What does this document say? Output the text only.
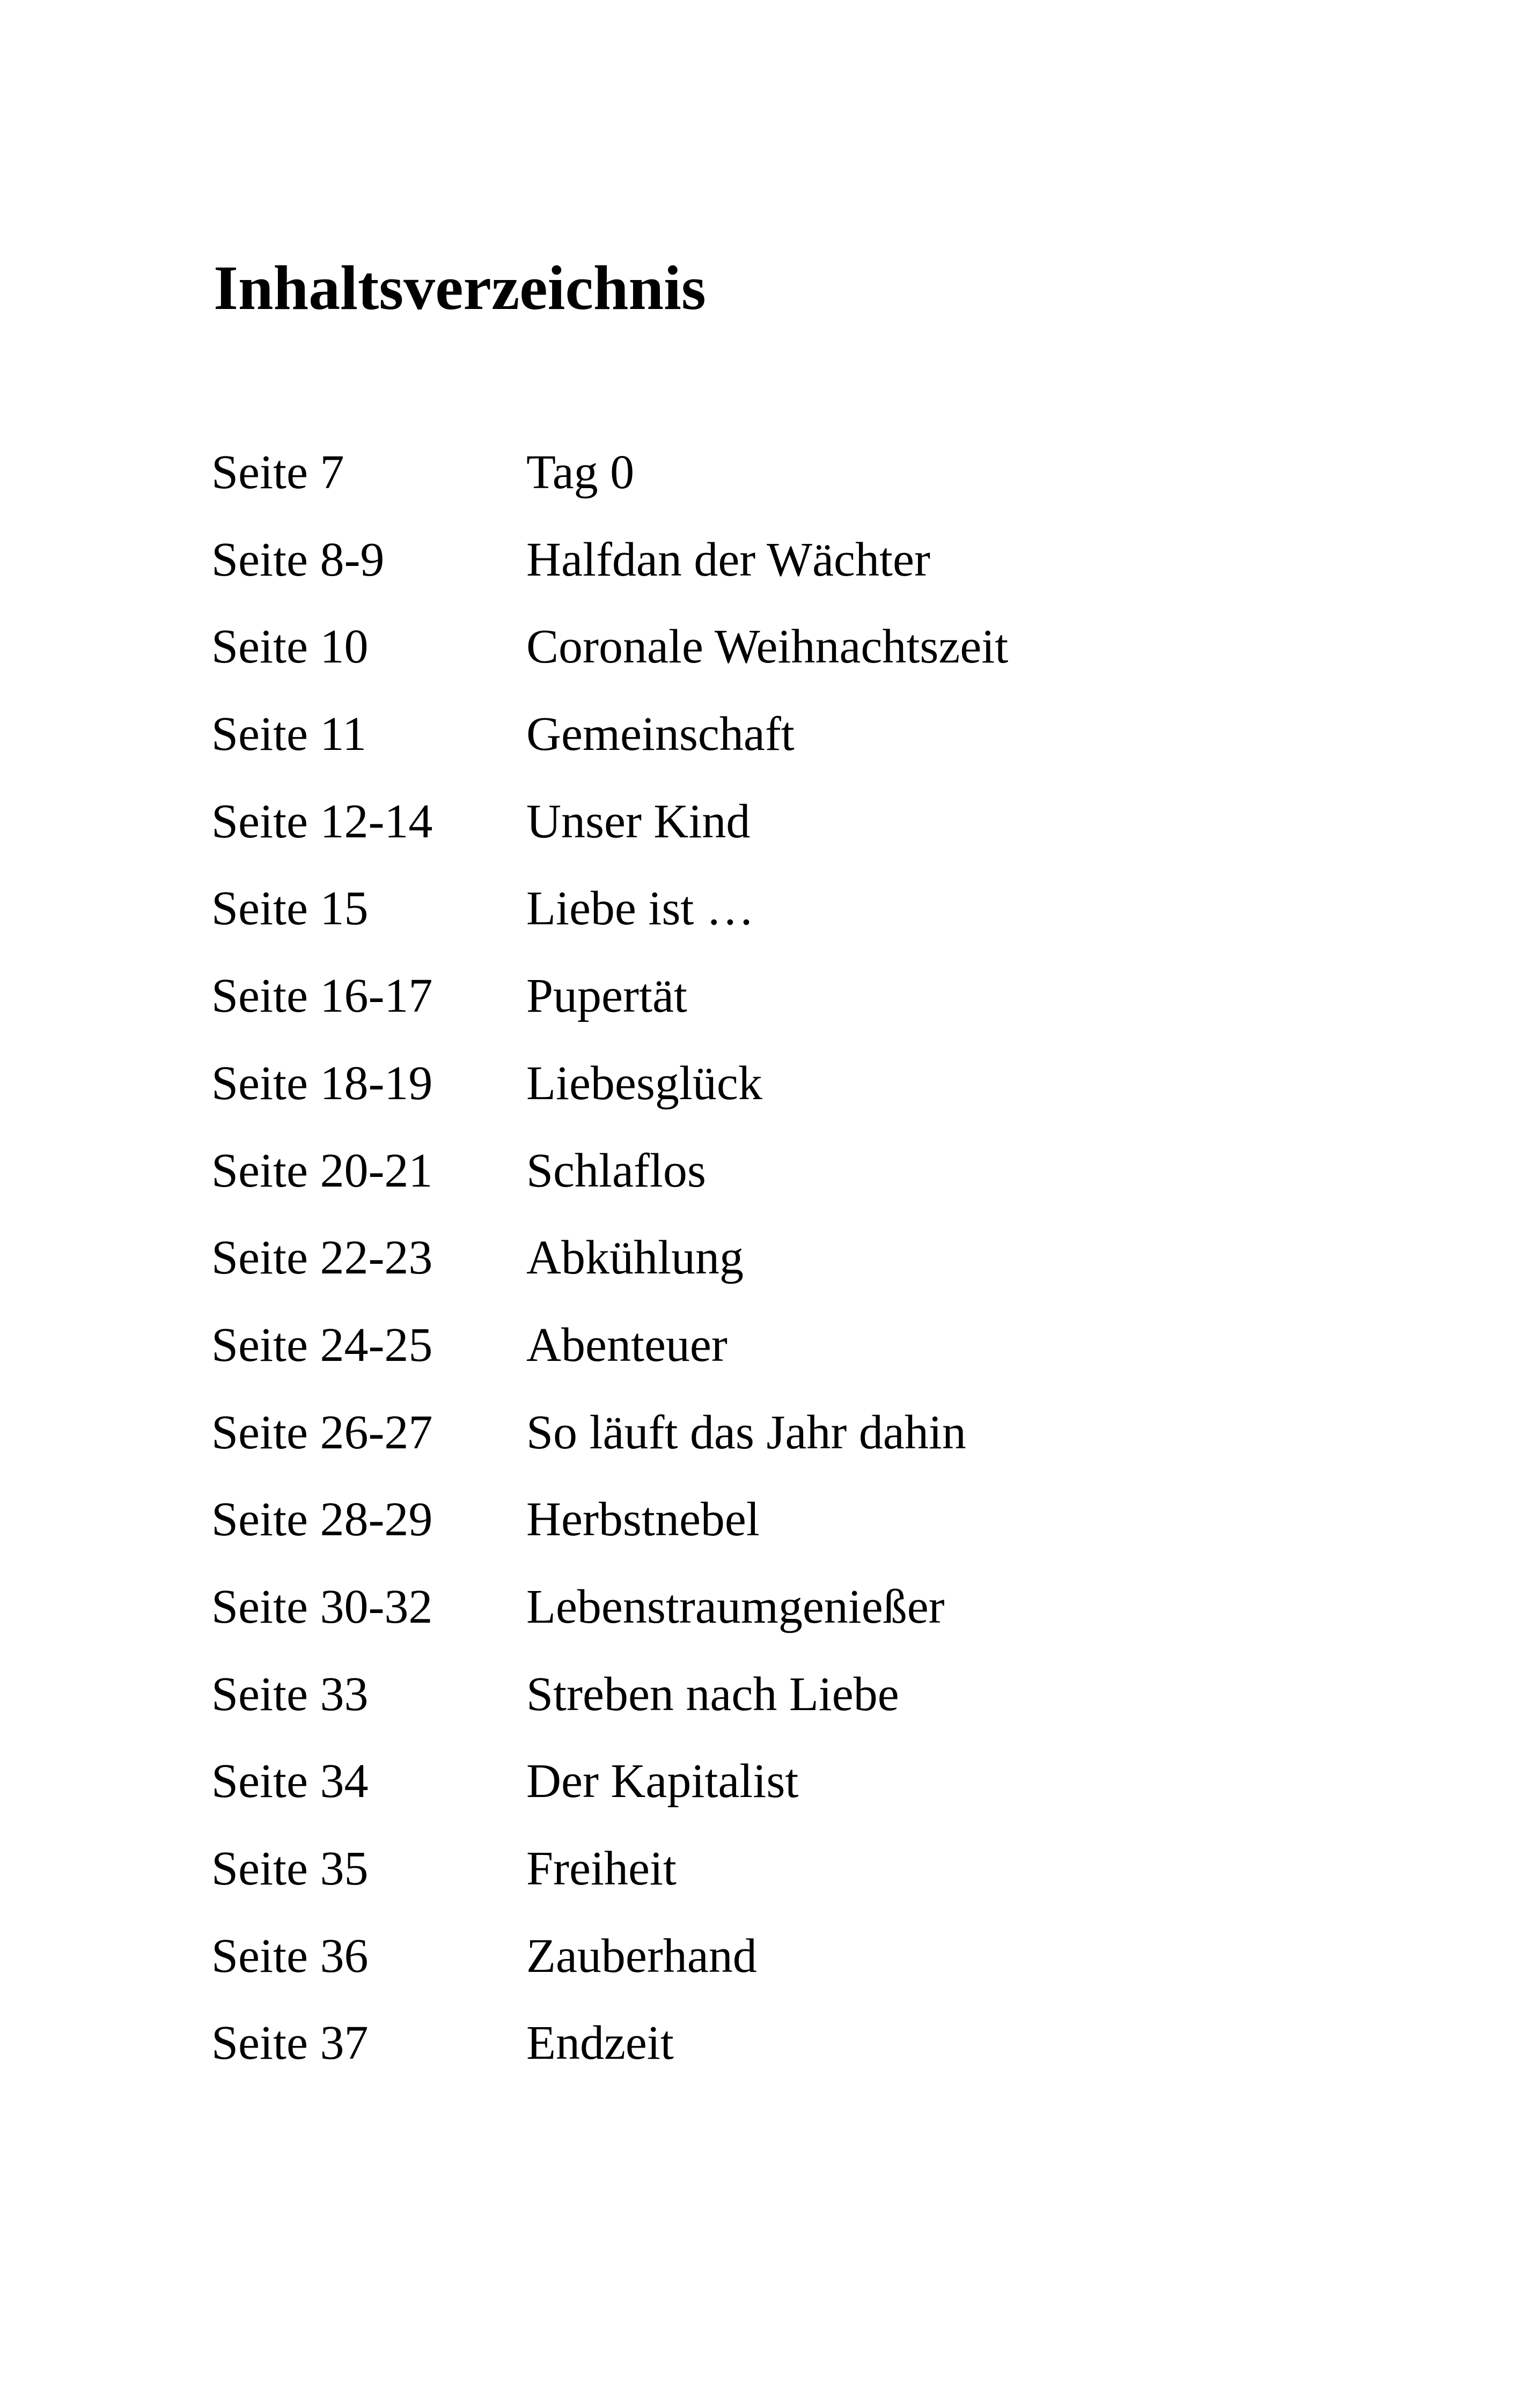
Inhaltsverzeichnis
Seite 7	Tag 0
Seite 8-9	Halfdan der Wächter
Seite 10	Coronale Weihnachtszeit
Seite 11	Gemeinschaft
Seite 12-14 Unser Kind
Seite 15	Liebe ist …
Seite 16-17 Pupertät
Seite 18-19 Liebesglück
Seite 20-21 Schlaflos
Seite 22-23 Abkühlung
Seite 24-25 Abenteuer
Seite 26-27 So läuft das Jahr dahin
Seite 28-29 Herbstnebel
Seite 30-32 Lebenstraumgenießer
Seite 33	Streben nach Liebe
Seite 34	Der Kapitalist
Seite 35	Freiheit
Seite 36	Zauberhand
Seite 37	Endzeit
